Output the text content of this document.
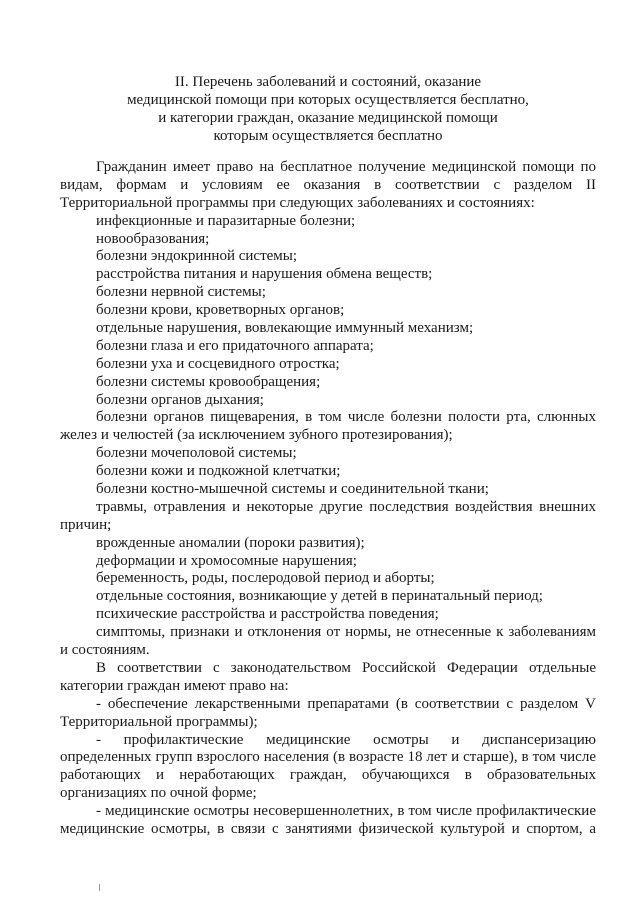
II. Перечень заболеваний и состояний, оказание
медицинской помощи при которых осуществляется бесплатно,
и категории граждан, оказание медицинской помощи
которым осуществляется бесплатно
Гражданин имеет право на бесплатное получение медицинской помощи по
видам, формам и условиям ее оказания в соответствии с разделом II
Территориальной программы при следующих заболеваниях и состояниях:
инфекционные и паразитарные болезни;
новообразования;
болезни эндокринной системы;
расстройства питания и нарушения обмена веществ;
болезни нервной системы;
болезни крови, кроветворных органов;
отдельные нарушения, вовлекающие иммунный механизм;
болезни глаза и его придаточного аппарата;
болезни уха и сосцевидного отростка;
болезни системы кровообращения;
болезни органов дыхания;
болезни органов пищеварения, в том числе болезни полости рта, слюнных
желез и челюстей (за исключением зубного протезирования);
болезни мочеполовой системы;
болезни кожи и подкожной клетчатки;
болезни костно-мышечной системы и соединительной ткани;
травмы, отравления и некоторые другие последствия воздействия внешних
причин;
врожденные аномалии (пороки развития);
деформации и хромосомные нарушения;
беременность, роды, послеродовой период и аборты;
отдельные состояния, возникающие у детей в перинатальный период;
психические расстройства и расстройства поведения;
симптомы, признаки и отклонения от нормы, не отнесенные к заболеваниям
и состояниям.
В соответствии с законодательством Российской Федерации отдельные
категории граждан имеют право на:
- обеспечение лекарственными препаратами (в соответствии с разделом V
Территориальной программы);
- профилактические медицинские осмотры и диспансеризацию
определенных групп взрослого населения (в возрасте 18 лет и старше), в том числе
работающих и неработающих граждан, обучающихся в образовательных
организациях по очной форме;
- медицинские осмотры несовершеннолетних, в том числе профилактические
медицинские осмотры, в связи с занятиями физической культурой и спортом, а
